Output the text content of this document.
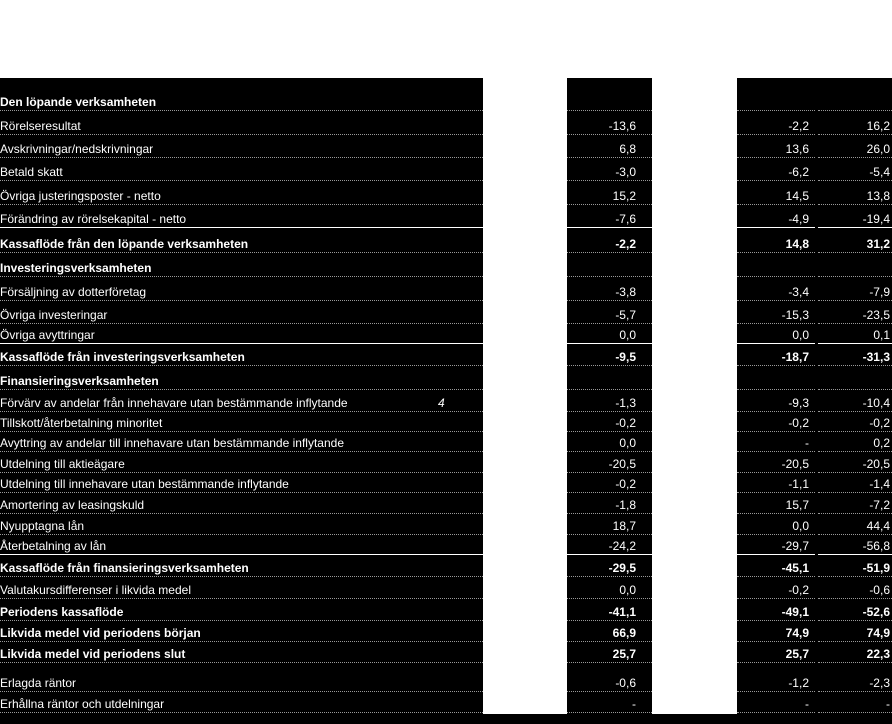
Den löpande verksamheten
Rörelseresultat	-13,6	-2,2	16,2
Avskrivningar/nedskrivningar	6,8	13,6	26,0
Betald skatt	-3,0	-6,2	-5,4
Övriga justeringsposter - netto	15,2	14,5	13,8
Förändring av rörelsekapital - netto	-7,6	-4,9	-19,4
Kassaflöde från den löpande verksamheten	-2,2	14,8	31,2
Investeringsverksamheten
Försäljning av dotterföretag	-3,8	-3,4	-7,9
Övriga investeringar	-5,7	-15,3	-23,5
Övriga avyttringar	0,0	0,0	0,1
Kassaflöde från investeringsverksamheten	-9,5	-18,7	-31,3
Finansieringsverksamheten
Förvärv av andelar från innehavare utan bestämmande inflytande	4	-1,3	-9,3	-10,4
Tillskott/återbetalning minoritet	-0,2	-0,2	-0,2
Avyttring av andelar till innehavare utan bestämmande inflytande	0,0	-	0,2
Utdelning till aktieägare	-20,5	-20,5	-20,5
Utdelning till innehavare utan bestämmande inflytande	-0,2	-1,1	-1,4
Amortering av leasingskuld	-1,8	15,7	-7,2
Nyupptagna lån	18,7	0,0	44,4
Återbetalning av lån	-24,2	-29,7	-56,8
Kassaflöde från finansieringsverksamheten	-29,5	-45,1	-51,9
Valutakursdifferenser i likvida medel	0,0	-0,2	-0,6
Periodens kassaflöde	-41,1	-49,1	-52,6
Likvida medel vid periodens början	66,9	74,9	74,9
Likvida medel vid periodens slut	25,7	25,7	22,3
Erlagda räntor	-0,6	-1,2	-2,3
Erhållna räntor och utdelningar	-	-	-
